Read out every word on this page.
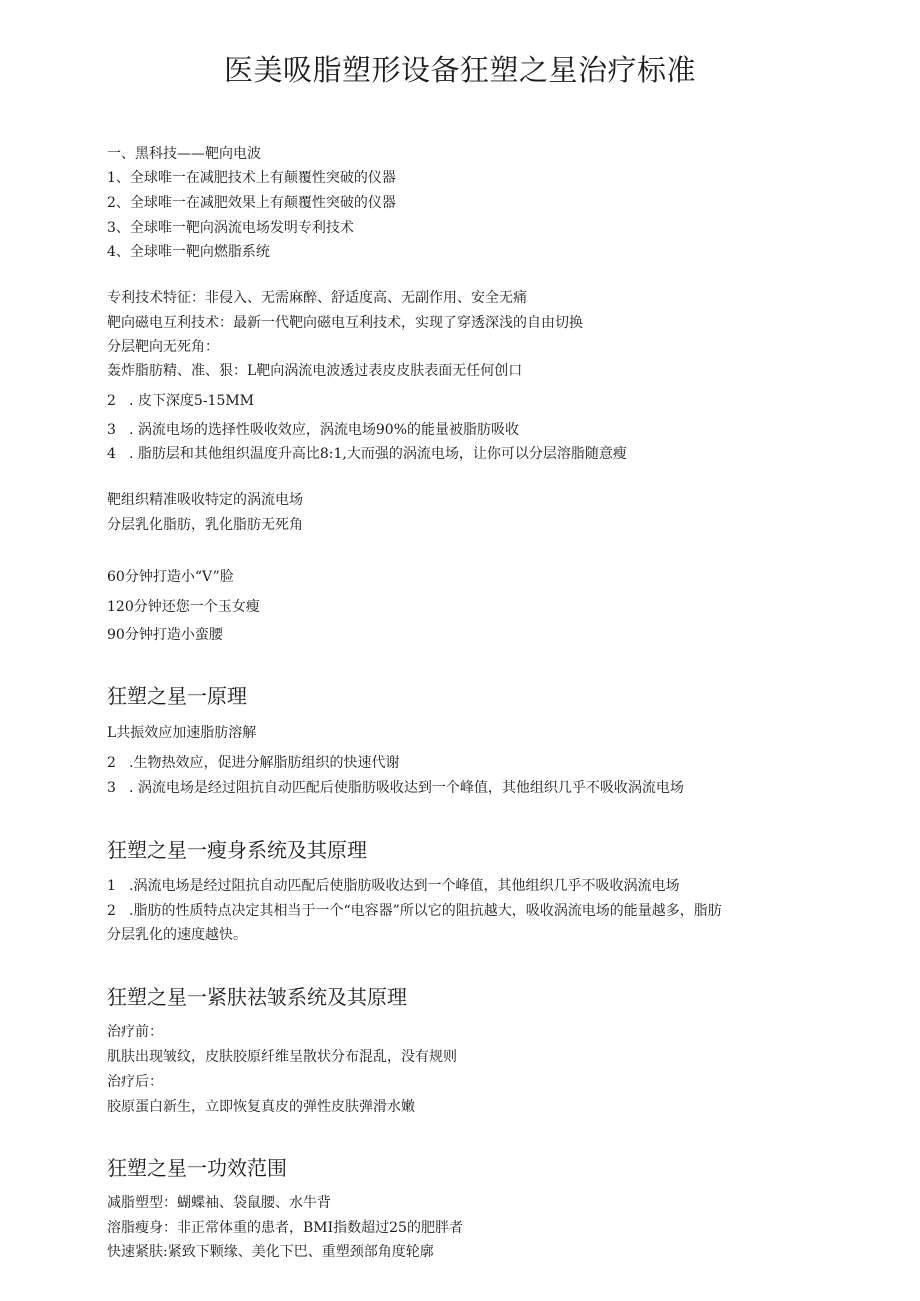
医美吸脂塑形设备狂塑之星治疗标准
一、黑科技——靶向电波
1、全球唯一在减肥技术上有颠覆性突破的仪器
2、全球唯一在减肥效果上有颠覆性突破的仪器
3、全球唯一靶向涡流电场发明专利技术
4、全球唯一靶向燃脂系统
专利技术特征：非侵入、无需麻醉、舒适度高、无副作用、安全无痛
靶向磁电互利技术：最新一代靶向磁电互利技术，实现了穿透深浅的自由切换
分层靶向无死角：
轰炸脂肪精、准、狠：L靶向涡流电波透过表皮皮肤表面无任何创口
2 . 皮下深度5-15MM
3 . 涡流电场的选择性吸收效应，涡流电场90%的能量被脂肪吸收
4 . 脂肪层和其他组织温度升高比8:1,大而强的涡流电场，让你可以分层溶脂随意瘦
靶组织精准吸收特定的涡流电场
分层乳化脂肪，乳化脂肪无死角
60分钟打造小“V”脸
120分钟还您一个玉女瘦
90分钟打造小蛮腰
狂塑之星一原理
L共振效应加速脂肪溶解
2 .生物热效应，促进分解脂肪组织的快速代谢
3 . 涡流电场是经过阻抗自动匹配后使脂肪吸收达到一个峰值，其他组织几乎不吸收涡流电场
狂塑之星一瘦身系统及其原理
1 .涡流电场是经过阻抗自动匹配后使脂肪吸收达到一个峰值，其他组织几乎不吸收涡流电场
2 .脂肪的性质特点决定其相当于一个“电容器”所以它的阻抗越大，吸收涡流电场的能量越多，脂肪
分层乳化的速度越快。
狂塑之星一紧肤祛皱系统及其原理
治疗前：
肌肤出现皱纹，皮肤胶原纤维呈散状分布混乱，没有规则
治疗后：
胶原蛋白新生，立即恢复真皮的弹性皮肤弹滑水嫩
狂塑之星一功效范围
减脂塑型：蝴蝶袖、袋鼠腰、水牛背
溶脂瘦身：非正常体重的患者，BMI指数超过25的肥胖者
快速紧肤:紧致下颗缘、美化下巴、重塑颈部角度轮廓
